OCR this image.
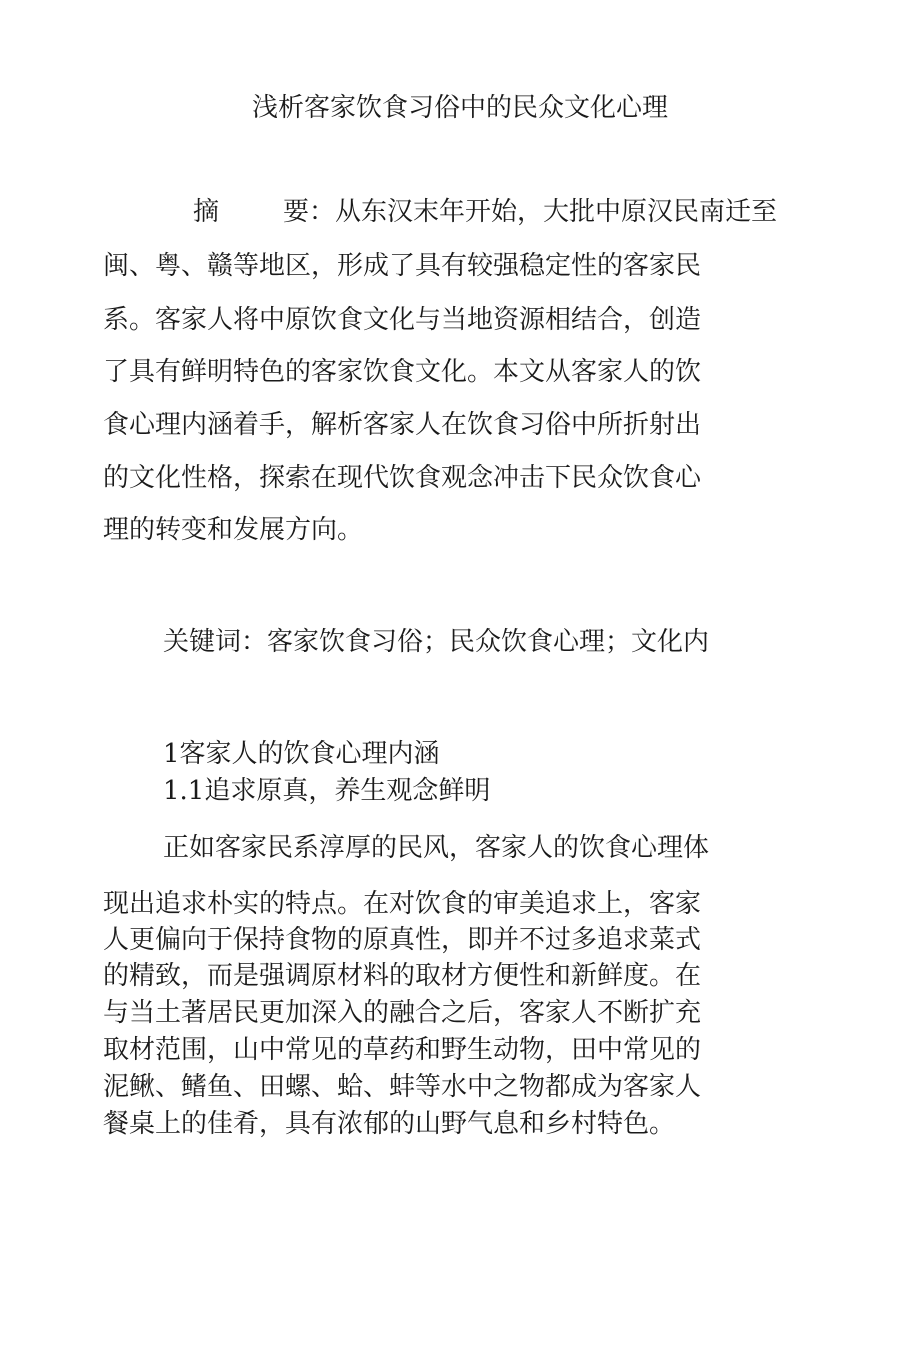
浅析客家饮食习俗中的民众文化心理
摘 要：从东汉末年开始，大批中原汉民南迁至
闽、粤、赣等地区，形成了具有较强稳定性的客家民
系。客家人将中原饮食文化与当地资源相结合，创造
了具有鲜明特色的客家饮食文化。本文从客家人的饮
食心理内涵着手，解析客家人在饮食习俗中所折射出
的文化性格，探索在现代饮食观念冲击下民众饮食心
理的转变和发展方向。
关键词：客家饮食习俗；民众饮食心理；文化内
1客家人的饮食心理内涵
1.1追求原真，养生观念鲜明
正如客家民系淳厚的民风，客家人的饮食心理体
现出追求朴实的特点。在对饮食的审美追求上，客家
人更偏向于保持食物的原真性，即并不过多追求菜式
的精致，而是强调原材料的取材方便性和新鲜度。在
与当土著居民更加深入的融合之后，客家人不断扩充
取材范围，山中常见的草药和野生动物，田中常见的
泥鳅、鳍鱼、田螺、蛤、蚌等水中之物都成为客家人
餐桌上的佳肴，具有浓郁的山野气息和乡村特色。
